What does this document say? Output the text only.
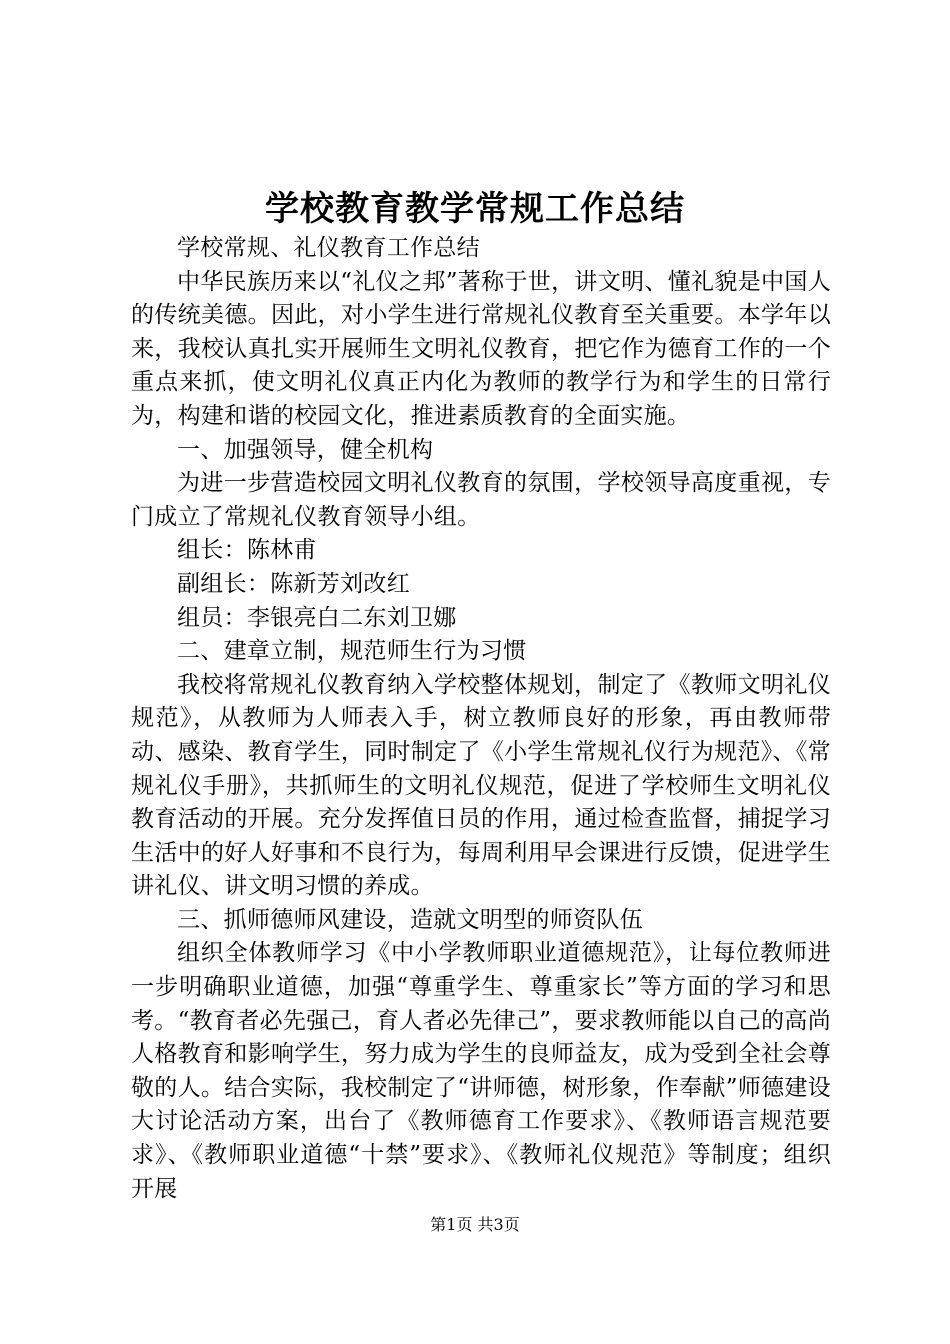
学校教育教学常规工作总结

学校常规、礼仪教育工作总结

中华民族历来以“礼仪之邦”著称于世，讲文明、懂礼貌是中国人的传统美德。因此，对小学生进行常规礼仪教育至关重要。本学年以来，我校认真扎实开展师生文明礼仪教育，把它作为德育工作的一个重点来抓，使文明礼仪真正内化为教师的教学行为和学生的日常行为，构建和谐的校园文化，推进素质教育的全面实施。

一、加强领导，健全机构

为进一步营造校园文明礼仪教育的氛围，学校领导高度重视，专门成立了常规礼仪教育领导小组。

组长：陈林甫

副组长：陈新芳刘改红

组员：李银亮白二东刘卫娜

二、建章立制，规范师生行为习惯

我校将常规礼仪教育纳入学校整体规划，制定了《教师文明礼仪规范》，从教师为人师表入手，树立教师良好的形象，再由教师带动、感染、教育学生，同时制定了《小学生常规礼仪行为规范》、《常规礼仪手册》，共抓师生的文明礼仪规范，促进了学校师生文明礼仪教育活动的开展。充分发挥值日员的作用，通过检查监督，捕捉学习生活中的好人好事和不良行为，每周利用早会课进行反馈，促进学生讲礼仪、讲文明习惯的养成。

三、抓师德师风建设，造就文明型的师资队伍

组织全体教师学习《中小学教师职业道德规范》，让每位教师进一步明确职业道德，加强“尊重学生、尊重家长”等方面的学习和思考。“教育者必先强己，育人者必先律己”，要求教师能以自己的高尚人格教育和影响学生，努力成为学生的良师益友，成为受到全社会尊敬的人。结合实际，我校制定了“讲师德，树形象，作奉献”师德建设大讨论活动方案，出台了《教师德育工作要求》、《教师语言规范要求》、《教师职业道德“十禁”要求》、《教师礼仪规范》等制度；组织开展

第1页 共3页
